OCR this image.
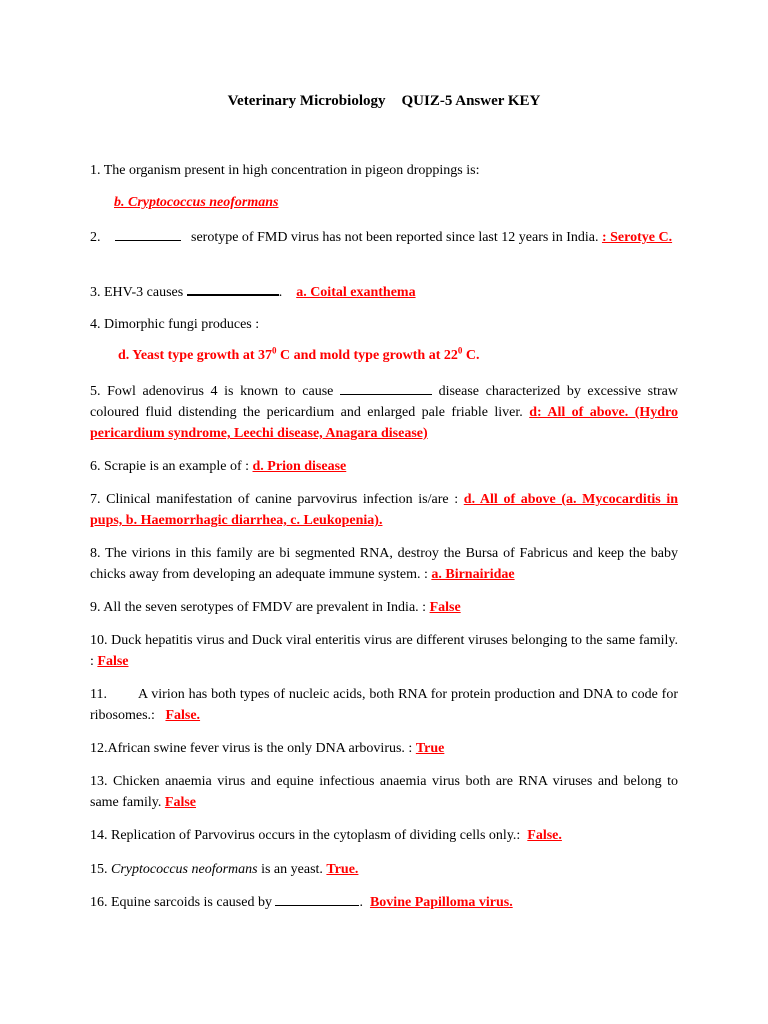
Veterinary Microbiology QUIZ-5 Answer KEY
1. The organism present in high concentration in pigeon droppings is:
b. Cryptococcus neoformans
2.	serotype of FMD virus has not been reported since last 12 years in India. : Serotye C.
3. EHV-3 causes	.    a. Coital exanthema
4. Dimorphic fungi produces :
d. Yeast type growth at $37^0$ C and mold type growth at $22^0$ C.
5. Fowl adenovirus 4 is known to cause	disease characterized by excessive straw coloured fluid distending the pericardium and enlarged pale friable liver. d: All of above. (Hydro pericardium syndrome, Leechi disease, Anagara disease)
6. Scrapie is an example of : d. Prion disease
7. Clinical manifestation of canine parvovirus infection is/are : d. All of above (a. Mycocarditis in pups, b. Haemorrhagic diarrhea, c. Leukopenia).
8. The virions in this family are bi segmented RNA, destroy the Bursa of Fabricus and keep the baby chicks away from developing an adequate immune system. : a. Birnairidae
9. All the seven serotypes of FMDV are prevalent in India. : False
10. Duck hepatitis virus and Duck viral enteritis virus are different viruses belonging to the same family. : False
11. A virion has both types of nucleic acids, both RNA for protein production and DNA to code for ribosomes.: False.
12.African swine fever virus is the only DNA arbovirus. : True
13. Chicken anaemia virus and equine infectious anaemia virus both are RNA viruses and belong to same family. False
14. Replication of Parvovirus occurs in the cytoplasm of dividing cells only.: False.
15. Cryptococcus neoformans is an yeast. True.
16. Equine sarcoids is caused by	.  Bovine Papilloma virus.
